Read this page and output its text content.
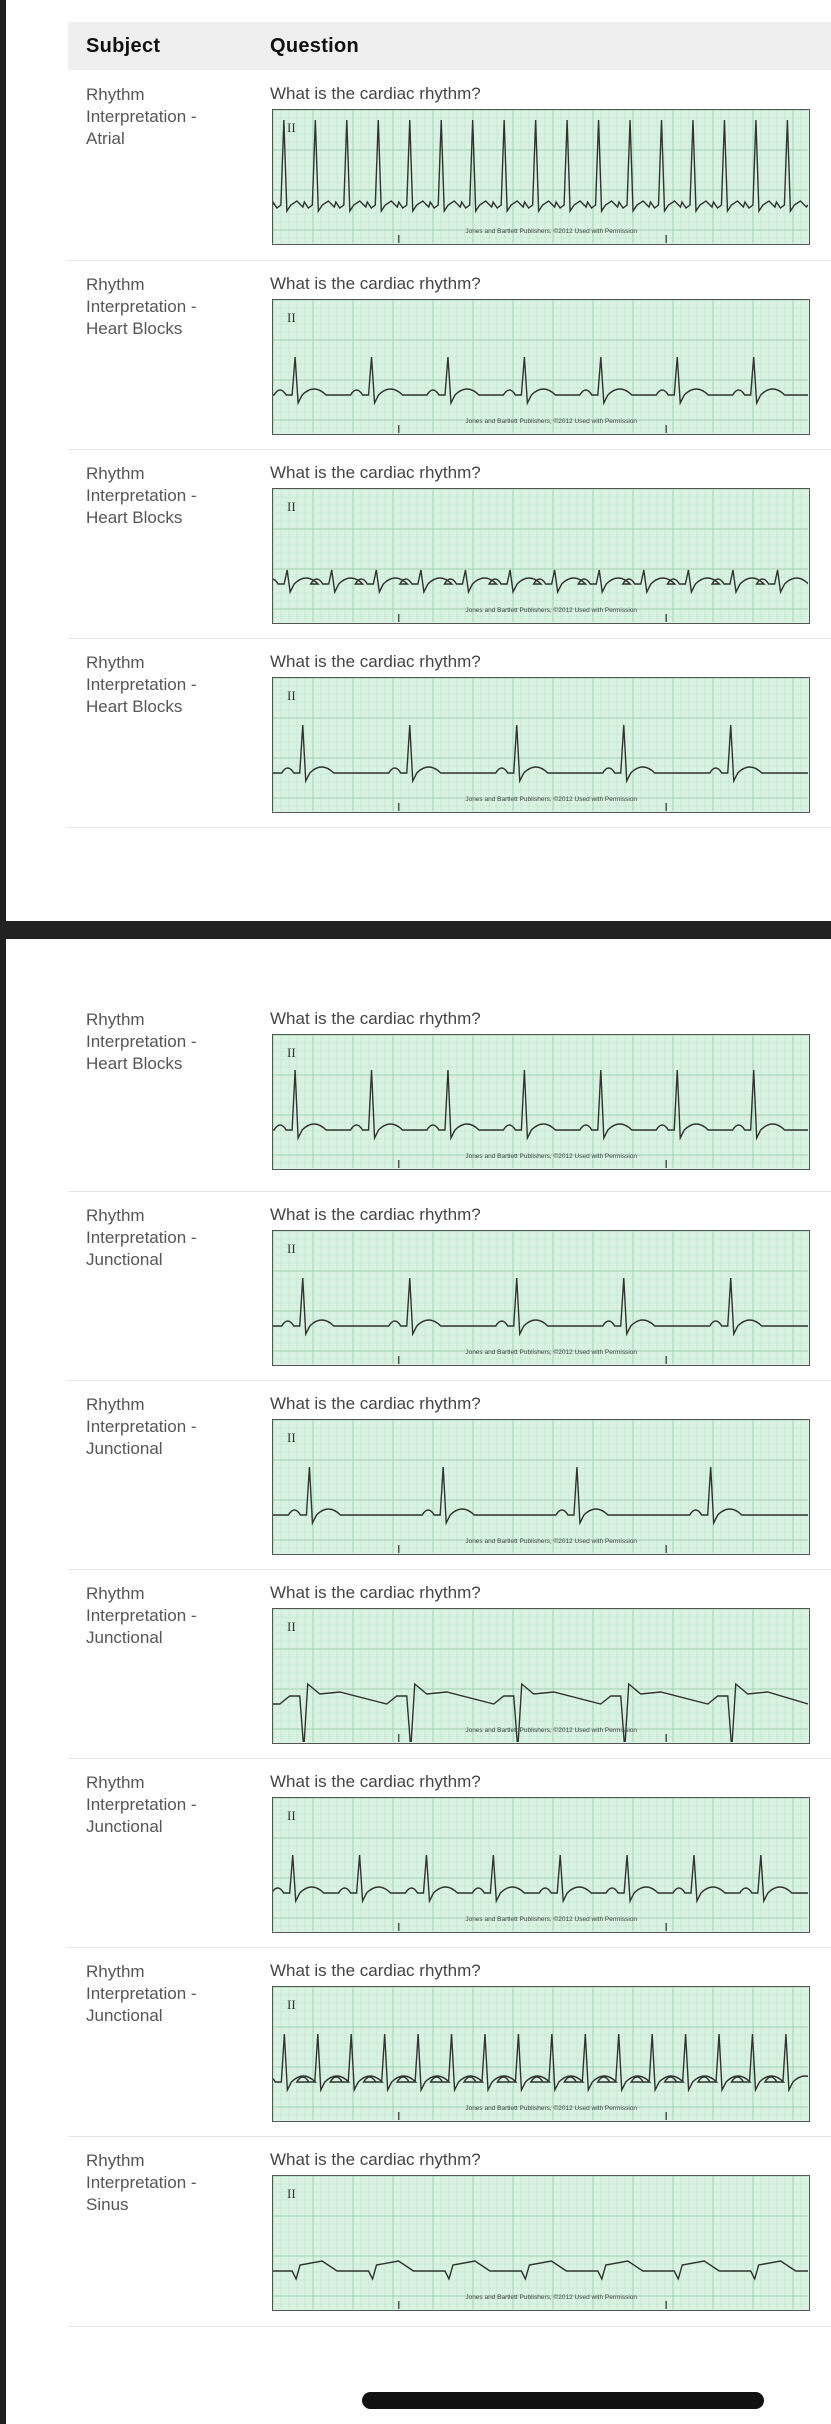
Subject	Question
Rhythm
Interpretation -
Atrial
What is the cardiac rhythm?
II
Jones and Bartlett Publishers, ©2012 Used with Permission
Rhythm
Interpretation -
Heart Blocks
What is the cardiac rhythm?
II
Jones and Bartlett Publishers, ©2012 Used with Permission
Rhythm
Interpretation -
Heart Blocks
What is the cardiac rhythm?
II
Jones and Bartlett Publishers, ©2012 Used with Permission
Rhythm
Interpretation -
Heart Blocks
What is the cardiac rhythm?
II
Jones and Bartlett Publishers, ©2012 Used with Permission
Rhythm
Interpretation -
Heart Blocks
What is the cardiac rhythm?
II
Jones and Bartlett Publishers, ©2012 Used with Permission
Rhythm
Interpretation -
Junctional
What is the cardiac rhythm?
II
Jones and Bartlett Publishers, ©2012 Used with Permission
Rhythm
Interpretation -
Junctional
What is the cardiac rhythm?
II
Jones and Bartlett Publishers, ©2012 Used with Permission
Rhythm
Interpretation -
Junctional
What is the cardiac rhythm?
II
Jones and Bartlett Publishers, ©2012 Used with Permission
Rhythm
Interpretation -
Junctional
What is the cardiac rhythm?
II
Jones and Bartlett Publishers, ©2012 Used with Permission
Rhythm
Interpretation -
Junctional
What is the cardiac rhythm?
II
Jones and Bartlett Publishers, ©2012 Used with Permission
Rhythm
Interpretation -
Sinus
What is the cardiac rhythm?
II
Jones and Bartlett Publishers, ©2012 Used with Permission
